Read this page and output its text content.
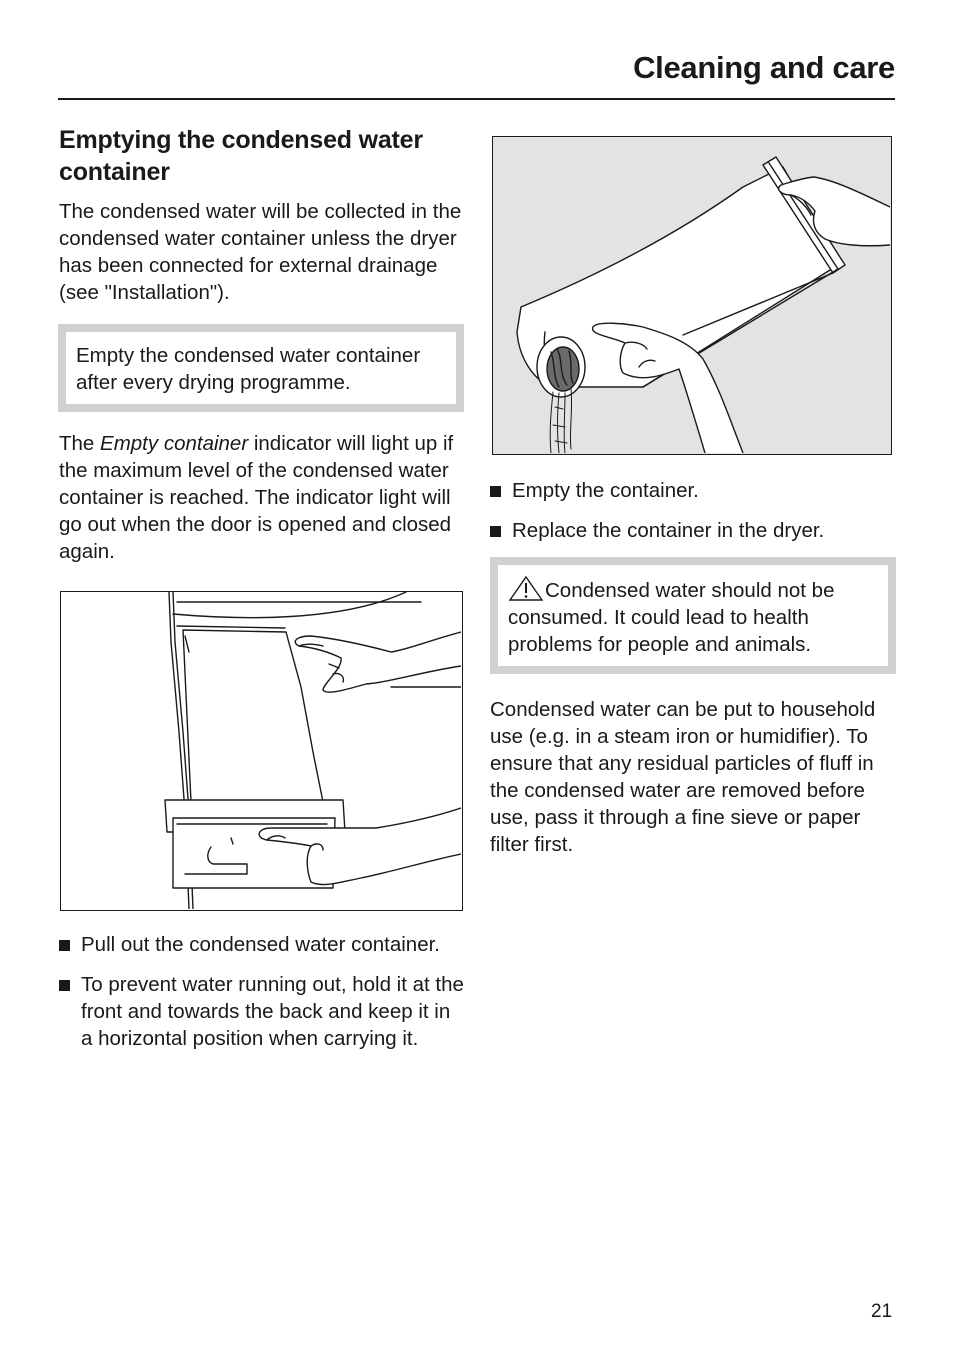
Cleaning and care
Emptying the condensed water container

The condensed water will be collected in the condensed water container unless the dryer has been connected for external drainage (see "Installation").

Empty the condensed water container after every drying programme.

The Empty container indicator will light up if the maximum level of the condensed water container is reached. The indicator light will go out when the door is opened and closed again.

Pull out the condensed water container.
To prevent water running out, hold it at the front and towards the back and keep it in a horizontal position when carrying it.
Empty the container.
Replace the container in the dryer.
Condensed water should not be consumed. It could lead to health problems for people and animals.

Condensed water can be put to household use (e.g. in a steam iron or humidifier). To ensure that any residual particles of fluff in the condensed water are removed before use, pass it through a fine sieve or paper filter first.

21
